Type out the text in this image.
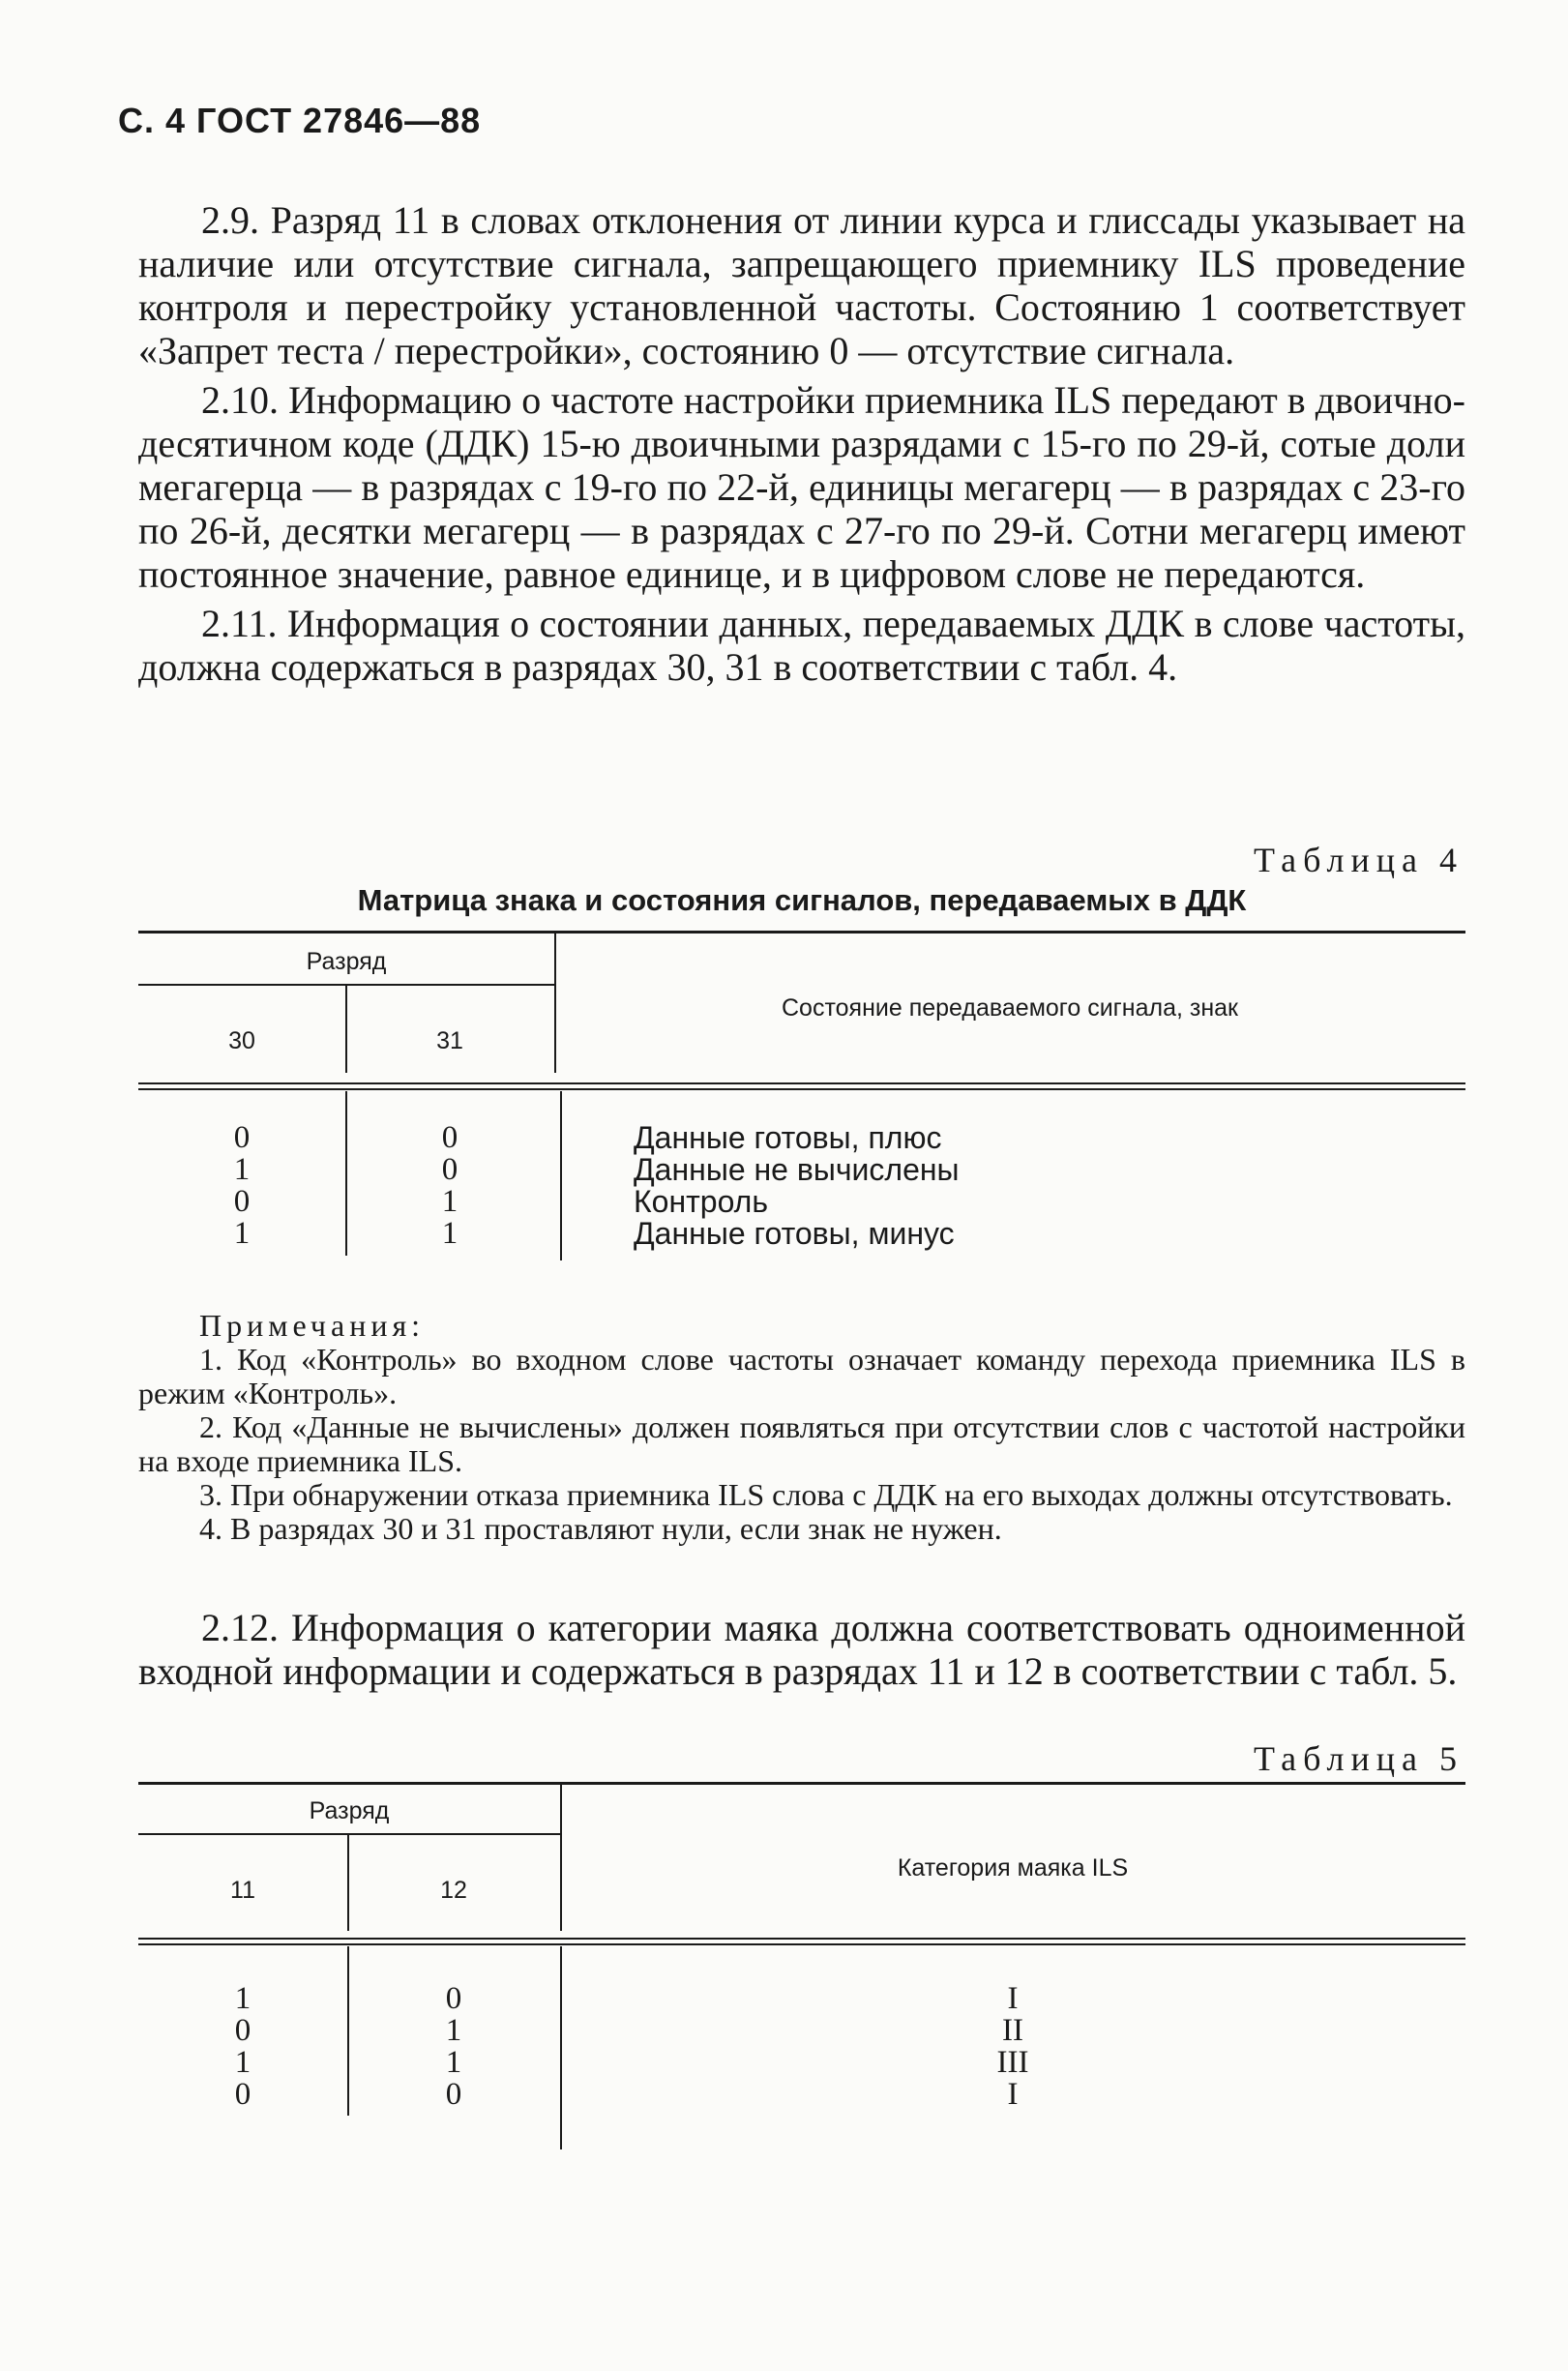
С. 4 ГОСТ 27846—88

2.9. Разряд 11 в словах отклонения от линии курса и глиссады указывает на наличие или отсутствие сигнала, запрещающего приемнику ILS проведение контроля и перестройку установленной частоты. Состоянию 1 соответствует «Запрет теста / перестройки», состоянию 0 — отсутствие сигнала.

2.10. Информацию о частоте настройки приемника ILS передают в двоично-десятичном коде (ДДК) 15-ю двоичными разрядами с 15-го по 29-й, сотые доли мегагерца — в разрядах с 19-го по 22-й, единицы мегагерц — в разрядах с 23-го по 26-й, десятки мегагерц — в разрядах с 27-го по 29-й. Сотни мегагерц имеют постоянное значение, равное единице, и в цифровом слове не передаются.

2.11. Информация о состоянии данных, передаваемых ДДК в слове частоты, должна содержаться в разрядах 30, 31 в соответствии с табл. 4.

Таблица 4
Матрица знака и состояния сигналов, передаваемых в ДДК
Разряд
30	31
Состояние передаваемого сигнала, знак
0
1
0
1
0
0
1
1
Данные готовы, плюс
Данные не вычислены
Контроль
Данные готовы, минус
Примечания:

1. Код «Контроль» во входном слове частоты означает команду перехода приемника ILS в режим «Контроль».

2. Код «Данные не вычислены» должен появляться при отсутствии слов с частотой настройки на входе приемника ILS.

3. При обнаружении отказа приемника ILS слова с ДДК на его выходах должны отсутствовать.

4. В разрядах 30 и 31 проставляют нули, если знак не нужен.

2.12. Информация о категории маяка должна соответствовать одноименной входной информации и содержаться в разрядах 11 и 12 в соответствии с табл. 5.

Таблица 5
Разряд
11	12
Категория маяка ILS
1
0
1
0
0
1
1
0
I
II
III
I
